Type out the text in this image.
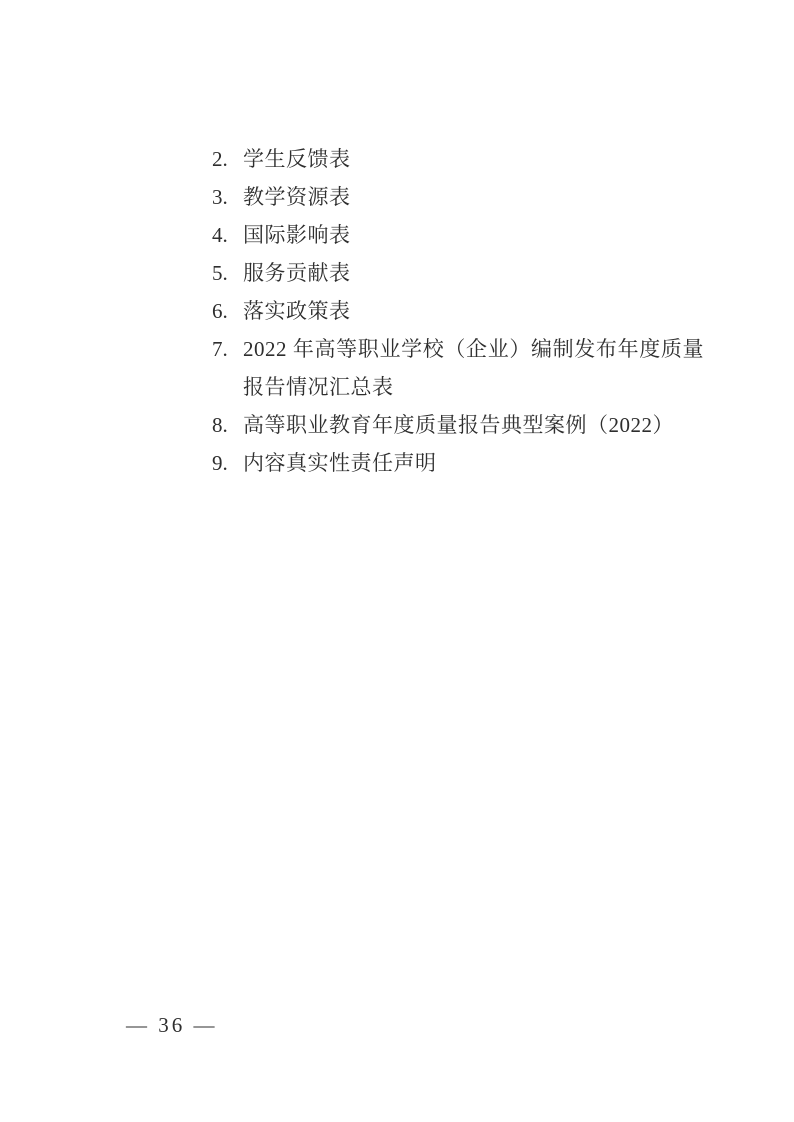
2. 学生反馈表
3. 教学资源表
4. 国际影响表
5. 服务贡献表
6. 落实政策表
7. 2022 年高等职业学校（企业）编制发布年度质量报告情况汇总表
8. 高等职业教育年度质量报告典型案例（2022）
9. 内容真实性责任声明
— 36 —
